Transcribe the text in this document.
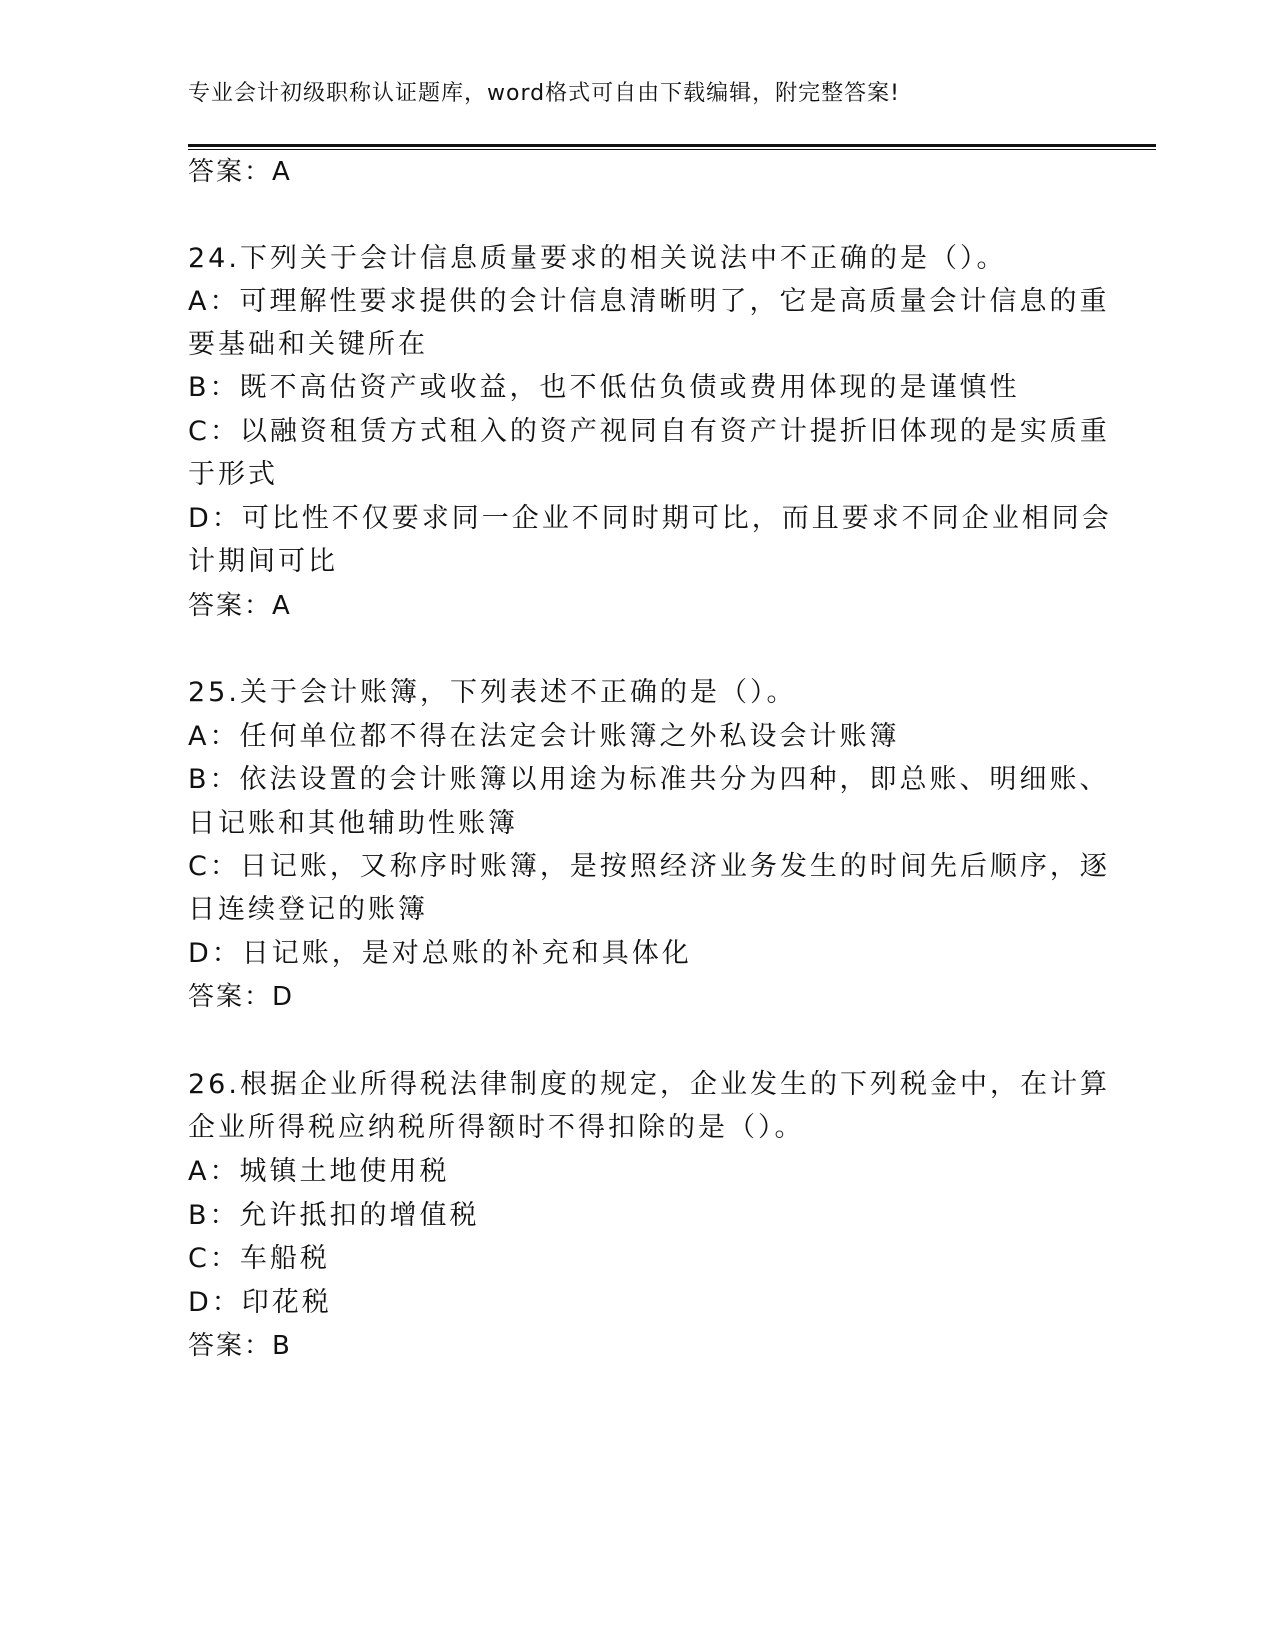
专业会计初级职称认证题库，word格式可自由下载编辑，附完整答案!
答案：A
24.下列关于会计信息质量要求的相关说法中不正确的是（）。
A：可理解性要求提供的会计信息清晰明了，它是高质量会计信息的重
要基础和关键所在
B：既不高估资产或收益，也不低估负债或费用体现的是谨慎性
C：以融资租赁方式租入的资产视同自有资产计提折旧体现的是实质重
于形式
D：可比性不仅要求同一企业不同时期可比，而且要求不同企业相同会
计期间可比
答案：A
25.关于会计账簿，下列表述不正确的是（）。
A：任何单位都不得在法定会计账簿之外私设会计账簿
B：依法设置的会计账簿以用途为标准共分为四种，即总账、明细账、
日记账和其他辅助性账簿
C：日记账，又称序时账簿，是按照经济业务发生的时间先后顺序，逐
日连续登记的账簿
D：日记账，是对总账的补充和具体化
答案：D
26.根据企业所得税法律制度的规定，企业发生的下列税金中，在计算
企业所得税应纳税所得额时不得扣除的是（）。
A：城镇土地使用税
B：允许抵扣的增值税
C：车船税
D：印花税
答案：B
